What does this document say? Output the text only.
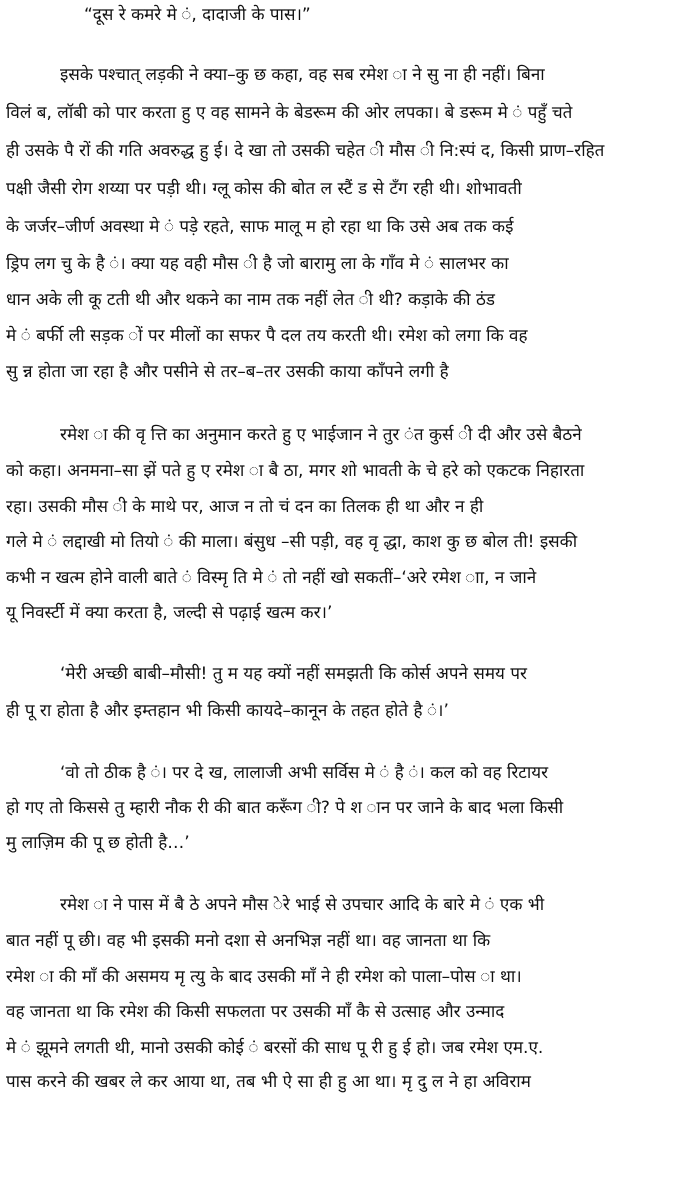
“दूस रे कमरे मे ं, दादाजी के पास।”
इसके पश्चात् लड़की ने क्या–कु छ कहा, वह सब रमेश ा ने सु ना ही नहीं। बिना
विलं ब, लॉबी को पार करता हु ए वह सामने के बेडरूम की ओर लपका। बे डरूम मे ं पहुँ चते
ही उसके पै रों की गति अवरुद्ध हु ई। दे खा तो उसकी चहेत ी मौस ी नि:स्पं द, किसी प्राण–रहित
पक्षी जैसी रोग शय्या पर पड़ी थी। ग्लू कोस की बोत ल स्टैं ड से टँग रही थी। शोभावती
के जर्जर–जीर्ण अवस्था मे ं पड़े रहते, साफ मालू म हो रहा था कि उसे अब तक कई
ड्रिप लग चु के है ं। क्या यह वही मौस ी है जो बारामु ला के गाँव मे ं सालभर का
धान अके ली कू टती थी और थकने का नाम तक नहीं लेत ी थी? कड़ाके की ठंड
मे ं बर्फी ली सड़क ों पर मीलों का सफर पै दल तय करती थी। रमेश को लगा कि वह
सु न्न होता जा रहा है और पसीने से तर–ब–तर उसकी काया काँपने लगी है
रमेश ा की वृ त्ति का अनुमान करते हु ए भाईजान ने तुर ंत कुर्स ी दी और उसे बैठने
को कहा। अनमना–सा झें पते हु ए रमेश ा बै ठा, मगर शो भावती के चे हरे को एकटक निहारता
रहा। उसकी मौस ी के माथे पर, आज न तो चं दन का तिलक ही था और न ही
गले मे ं लद्दाखी मो तियो ं की माला। बंसुध –सी पड़ी, वह वृ द्धा, काश कु छ बोल ती! इसकी
कभी न खत्म होने वाली बाते ं विस्मृ ति मे ं तो नहीं खो सकतीं–‘अरे रमेश ाा, न जाने
यू निवर्स्टी में क्या करता है, जल्दी से पढ़ाई खत्म कर।’
‘मेरी अच्छी बाबी–मौसी! तु म यह क्यों नहीं समझती कि कोर्स अपने समय पर
ही पू रा होता है और इम्तहान भी किसी कायदे–कानून के तहत होते है ं।’
‘वो तो ठीक है ं। पर दे ख, लालाजी अभी सर्विस मे ं है ं। कल को वह रिटायर
हो गए तो किससे तु म्हारी नौक री की बात करूँग ी? पे श ान पर जाने के बाद भला किसी
मु लाज़िम की पू छ होती है…’
रमेश ा ने पास में बै ठे अपने मौस ेरे भाई से उपचार आदि के बारे मे ं एक भी
बात नहीं पू छी। वह भी इसकी मनो दशा से अनभिज्ञ नहीं था। वह जानता था कि
रमेश ा की माँ की असमय मृ त्यु के बाद उसकी माँ ने ही रमेश को पाला–पोस ा था।
वह जानता था कि रमेश की किसी सफलता पर उसकी माँ कै से उत्साह और उन्माद
मे ं झूमने लगती थी, मानो उसकी कोई ं बरसों की साध पू री हु ई हो। जब रमेश एम.ए.
पास करने की खबर ले कर आया था, तब भी ऐ सा ही हु आ था। मृ दु ल ने हा अविराम
